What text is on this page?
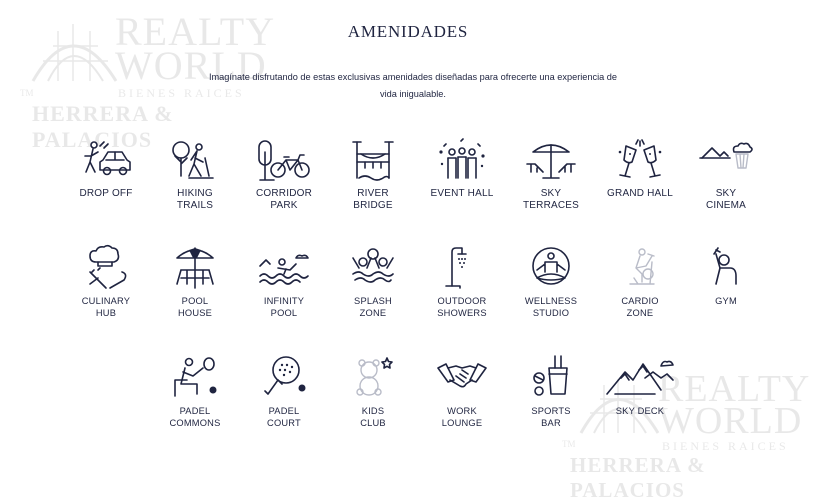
REALTY
WORLD
BIENES RAICES
TM
HERRERA & PALACIOS
REALTY
WORLD
BIENES RAICES
TM
HERRERA & PALACIOS
AMENIDADES
Imagínate disfrutando de estas exclusivas amenidades diseñadas para ofrecerte una experiencia de vida inigualable.
DROP OFF	HIKING
TRAILS
CORRIDOR
PARK
RIVER
BRIDGE
EVENT HALL	SKY
TERRACES
GRAND HALL	SKY
CINEMA
CULINARY
HUB
POOL
HOUSE
INFINITY
POOL
SPLASH
ZONE
OUTDOOR
SHOWERS
WELLNESS
STUDIO
CARDIO
ZONE
GYM
PADEL
COMMONS
PADEL
COURT
KIDS
CLUB
WORK
LOUNGE
SPORTS
BAR
SKY DECK
